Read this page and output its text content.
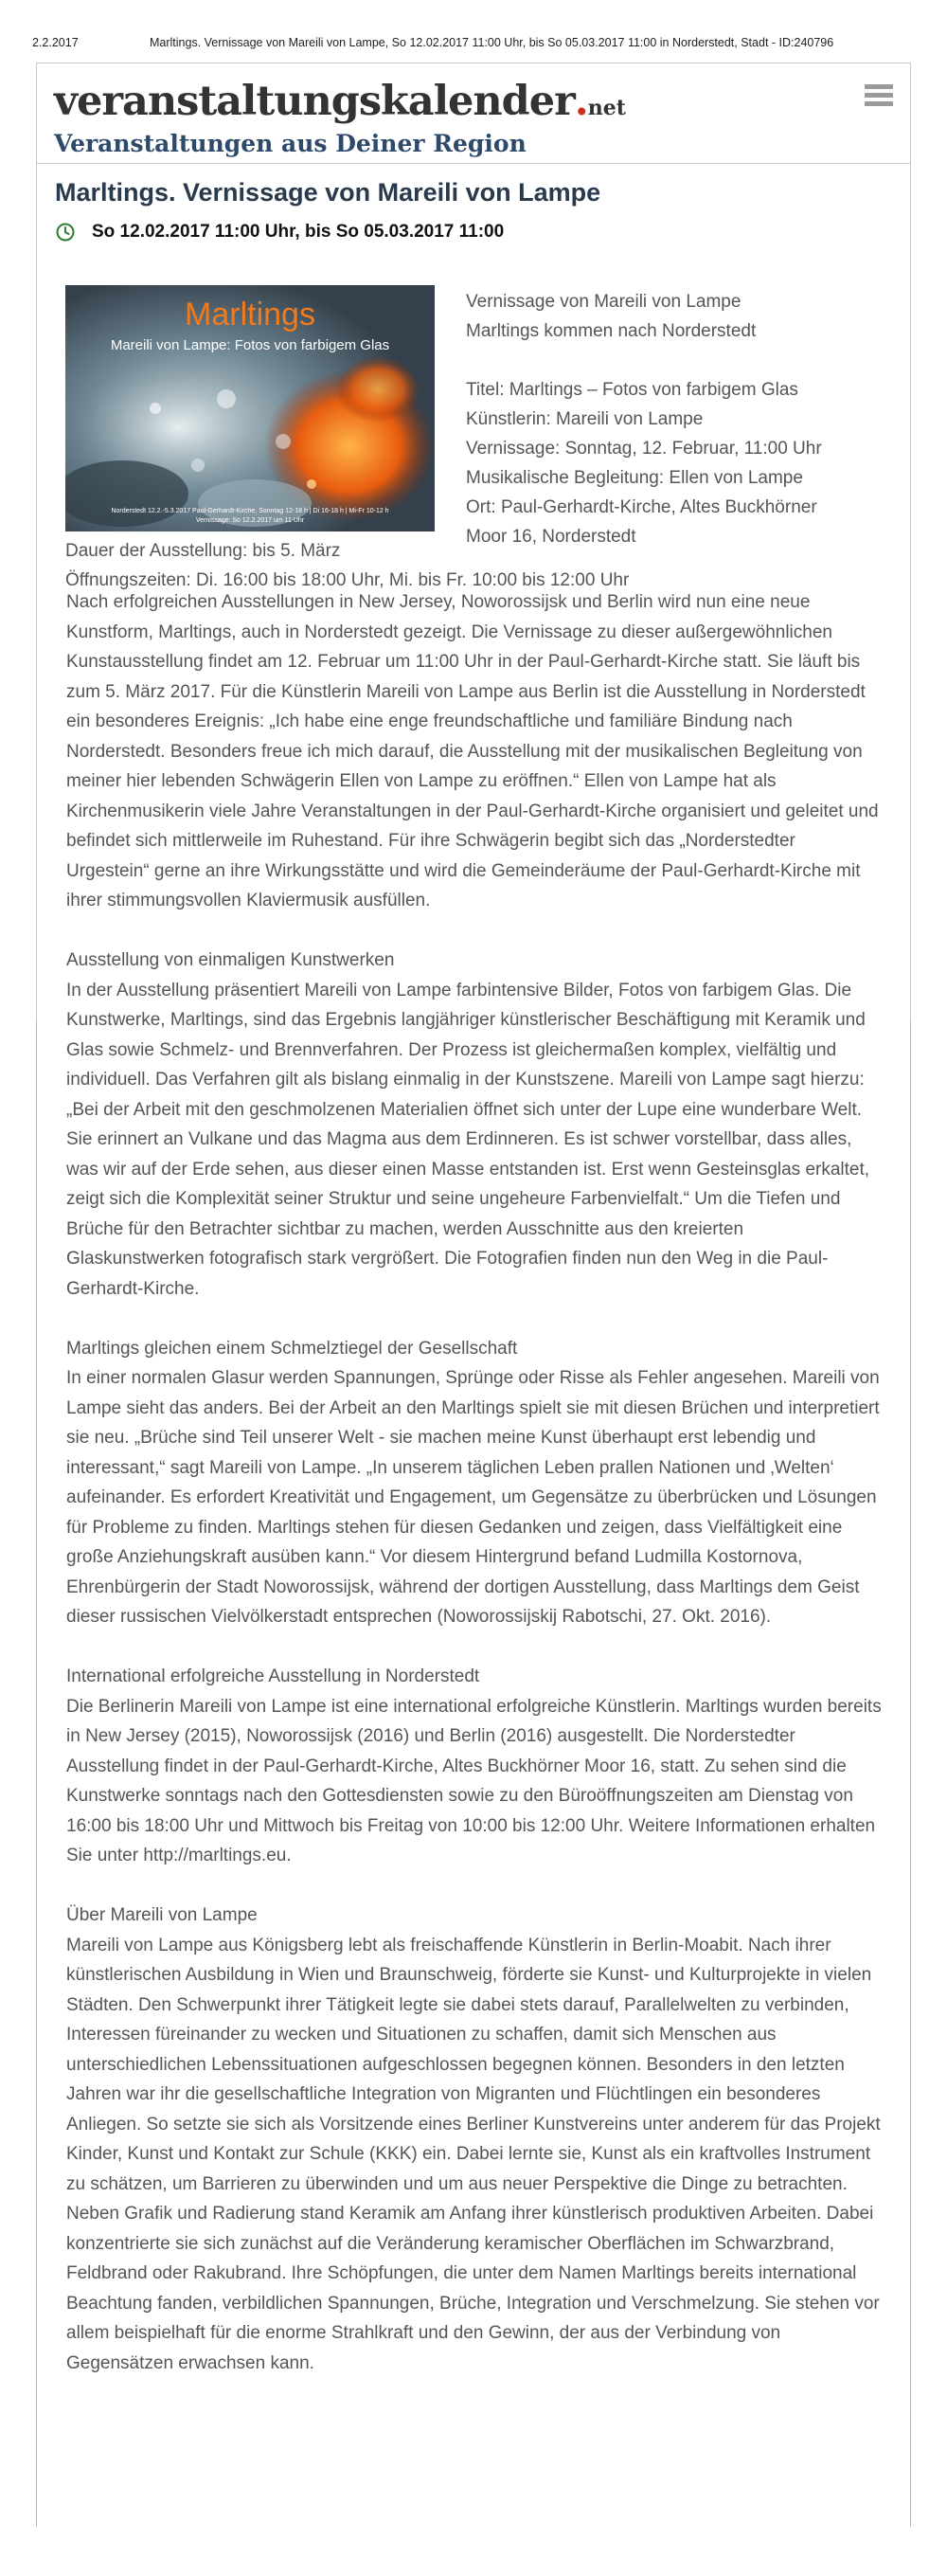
2.2.2017	Marltings. Vernissage von Mareili von Lampe, So 12.02.2017 11:00 Uhr, bis So 05.03.2017 11:00 in Norderstedt, Stadt - ID:240796
veranstaltungskalender . net
Veranstaltungen aus Deiner Region
Marltings. Vernissage von Mareili von Lampe
So 12.02.2017 11:00 Uhr, bis So 05.03.2017 11:00
Marltings
Mareili von Lampe: Fotos von farbigem Glas
Norderstedt 12.2.-5.3.2017 Paul-Gerhardt-Kirche, Sonntag 12-18 h | Di 16-18 h | Mi-Fr 10-12 h
Vernissage: So 12.2.2017 um 11 Uhr

Vernissage von Mareili von Lampe

Marltings kommen nach Norderstedt

Titel: Marltings – Fotos von farbigem Glas

Künstlerin: Mareili von Lampe

Vernissage: Sonntag, 12. Februar, 11:00 Uhr

Musikalische Begleitung: Ellen von Lampe

Ort: Paul-Gerhardt-Kirche, Altes Buckhörner

Moor 16, Norderstedt

Dauer der Ausstellung: bis 5. März

Öffnungszeiten: Di. 16:00 bis 18:00 Uhr, Mi. bis Fr. 10:00 bis 12:00 Uhr

Nach erfolgreichen Ausstellungen in New Jersey, Noworossijsk und Berlin wird nun eine neue Kunstform, Marltings, auch in Norderstedt gezeigt. Die Vernissage zu dieser außergewöhnlichen Kunstausstellung findet am 12. Februar um 11:00 Uhr in der Paul-Gerhardt-Kirche statt. Sie läuft bis zum 5. März 2017. Für die Künstlerin Mareili von Lampe aus Berlin ist die Ausstellung in Norderstedt ein besonderes Ereignis: „Ich habe eine enge freundschaftliche und familiäre Bindung nach Norderstedt. Besonders freue ich mich darauf, die Ausstellung mit der musikalischen Begleitung von meiner hier lebenden Schwägerin Ellen von Lampe zu eröffnen.“ Ellen von Lampe hat als Kirchenmusikerin viele Jahre Veranstaltungen in der Paul-Gerhardt-Kirche organisiert und geleitet und befindet sich mittlerweile im Ruhestand. Für ihre Schwägerin begibt sich das „Norderstedter Urgestein“ gerne an ihre Wirkungsstätte und wird die Gemeinderäume der Paul-Gerhardt-Kirche mit ihrer stimmungsvollen Klaviermusik ausfüllen.

Ausstellung von einmaligen Kunstwerken

In der Ausstellung präsentiert Mareili von Lampe farbintensive Bilder, Fotos von farbigem Glas. Die Kunstwerke, Marltings, sind das Ergebnis langjähriger künstlerischer Beschäftigung mit Keramik und Glas sowie Schmelz- und Brennverfahren. Der Prozess ist gleichermaßen komplex, vielfältig und individuell. Das Verfahren gilt als bislang einmalig in der Kunstszene. Mareili von Lampe sagt hierzu: „Bei der Arbeit mit den geschmolzenen Materialien öffnet sich unter der Lupe eine wunderbare Welt. Sie erinnert an Vulkane und das Magma aus dem Erdinneren. Es ist schwer vorstellbar, dass alles, was wir auf der Erde sehen, aus dieser einen Masse entstanden ist. Erst wenn Gesteinsglas erkaltet, zeigt sich die Komplexität seiner Struktur und seine ungeheure Farbenvielfalt.“ Um die Tiefen und Brüche für den Betrachter sichtbar zu machen, werden Ausschnitte aus den kreierten Glaskunstwerken fotografisch stark vergrößert. Die Fotografien finden nun den Weg in die Paul-Gerhardt-Kirche.

Marltings gleichen einem Schmelztiegel der Gesellschaft

In einer normalen Glasur werden Spannungen, Sprünge oder Risse als Fehler angesehen. Mareili von Lampe sieht das anders. Bei der Arbeit an den Marltings spielt sie mit diesen Brüchen und interpretiert sie neu. „Brüche sind Teil unserer Welt - sie machen meine Kunst überhaupt erst lebendig und interessant,“ sagt Mareili von Lampe. „In unserem täglichen Leben prallen Nationen und ‚Welten‘ aufeinander. Es erfordert Kreativität und Engagement, um Gegensätze zu überbrücken und Lösungen für Probleme zu finden. Marltings stehen für diesen Gedanken und zeigen, dass Vielfältigkeit eine große Anziehungskraft ausüben kann.“ Vor diesem Hintergrund befand Ludmilla Kostornova, Ehrenbürgerin der Stadt Noworossijsk, während der dortigen Ausstellung, dass Marltings dem Geist dieser russischen Vielvölkerstadt entsprechen (Noworossijskij Rabotschi, 27. Okt. 2016).

International erfolgreiche Ausstellung in Norderstedt

Die Berlinerin Mareili von Lampe ist eine international erfolgreiche Künstlerin. Marltings wurden bereits in New Jersey (2015), Noworossijsk (2016) und Berlin (2016) ausgestellt. Die Norderstedter Ausstellung findet in der Paul-Gerhardt-Kirche, Altes Buckhörner Moor 16, statt. Zu sehen sind die Kunstwerke sonntags nach den Gottesdiensten sowie zu den Büroöffnungszeiten am Dienstag von 16:00 bis 18:00 Uhr und Mittwoch bis Freitag von 10:00 bis 12:00 Uhr. Weitere Informationen erhalten Sie unter http://marltings.eu.

Über Mareili von Lampe

Mareili von Lampe aus Königsberg lebt als freischaffende Künstlerin in Berlin-Moabit. Nach ihrer künstlerischen Ausbildung in Wien und Braunschweig, förderte sie Kunst- und Kulturprojekte in vielen Städten. Den Schwerpunkt ihrer Tätigkeit legte sie dabei stets darauf, Parallelwelten zu verbinden, Interessen füreinander zu wecken und Situationen zu schaffen, damit sich Menschen aus unterschiedlichen Lebenssituationen aufgeschlossen begegnen können. Besonders in den letzten Jahren war ihr die gesellschaftliche Integration von Migranten und Flüchtlingen ein besonderes Anliegen. So setzte sie sich als Vorsitzende eines Berliner Kunstvereins unter anderem für das Projekt Kinder, Kunst und Kontakt zur Schule (KKK) ein. Dabei lernte sie, Kunst als ein kraftvolles Instrument zu schätzen, um Barrieren zu überwinden und um aus neuer Perspektive die Dinge zu betrachten. Neben Grafik und Radierung stand Keramik am Anfang ihrer künstlerisch produktiven Arbeiten. Dabei konzentrierte sie sich zunächst auf die Veränderung keramischer Oberflächen im Schwarzbrand, Feldbrand oder Rakubrand. Ihre Schöpfungen, die unter dem Namen Marltings bereits international Beachtung fanden, verbildlichen Spannungen, Brüche, Integration und Verschmelzung. Sie stehen vor allem beispielhaft für die enorme Strahlkraft und den Gewinn, der aus der Verbindung von Gegensätzen erwachsen kann.
